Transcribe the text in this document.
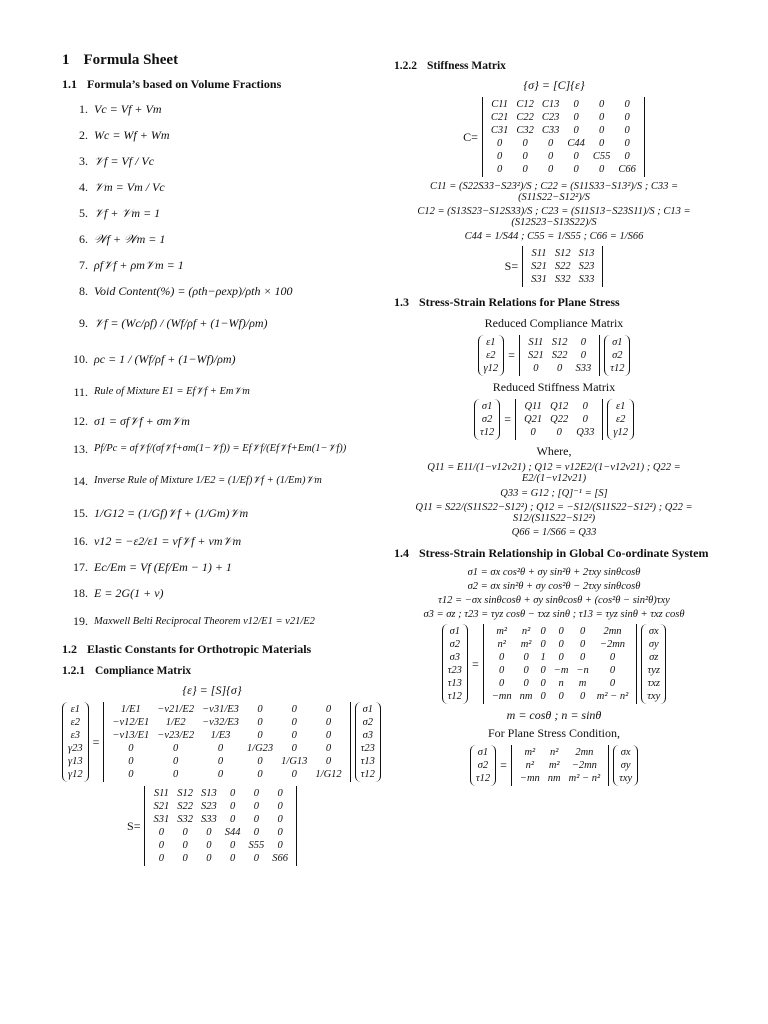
1 Formula Sheet
1.1 Formula’s based on Volume Fractions
1. Vc = Vf + Vm
2. Wc = Wf + Wm
3. 𝒱f = Vf / Vc
4. 𝒱m = Vm / Vc
5. 𝒱f + 𝒱m = 1
6. 𝒲f + 𝒲m = 1
7. ρf𝒱f + ρm𝒱m = 1
8. Void Content(%) = (ρth−ρexp)/ρth × 100
9. 𝒱f = (Wc/ρf) / (Wf/ρf + (1−Wf)/ρm)
10. ρc = 1 / (Wf/ρf + (1−Wf)/ρm)
11. Rule of Mixture E1 = Ef𝒱f + Em𝒱m
12. σ1 = σf𝒱f + σm𝒱m
13. Pf/Pc = σf𝒱f/(σf𝒱f+σm(1−𝒱f)) = Ef𝒱f/(Ef𝒱f+Em(1−𝒱f))
14. Inverse Rule of Mixture 1/E2 = (1/Ef)𝒱f + (1/Em)𝒱m
15. 1/G12 = (1/Gf)𝒱f + (1/Gm)𝒱m
16. ν12 = −ε2/ε1 = νf𝒱f + νm𝒱m
17. Ec/Em = Vf (Ef/Em − 1) + 1
18. E = 2G(1 + ν)
19. Maxwell Belti Reciprocal Theorem ν12/E1 = ν21/E2
1.2 Elastic Constants for Orthotropic Materials
1.2.1 Compliance Matrix
{ε} = [S]{σ}
ε1
ε2
ε3
γ23
γ13
γ12
=
1/E1	−ν21/E2	−ν31/E3	0	0	0
−ν12/E1	1/E2	−ν32/E3	0	0	0
−ν13/E1	−ν23/E2	1/E3	0	0	0
0	0	0	1/G23	0	0
0	0	0	0	1/G13	0
0	0	0	0	0	1/G12
σ1
σ2
σ3
τ23
τ13
τ12
S=
S11	S12	S13	0	0	0
S21	S22	S23	0	0	0
S31	S32	S33	0	0	0
0	0	0	S44	0	0
0	0	0	0	S55	0
0	0	0	0	0	S66
1.2.2 Stiffness Matrix
{σ} = [C]{ε}
C=
C11	C12	C13	0	0	0
C21	C22	C23	0	0	0
C31	C32	C33	0	0	0
0	0	0	C44	0	0
0	0	0	0	C55	0
0	0	0	0	0	C66
C11 = (S22S33−S23²)/S ; C22 = (S11S33−S13²)/S ; C33 = (S11S22−S12²)/S
C12 = (S13S23−S12S33)/S ; C23 = (S11S13−S23S11)/S ; C13 = (S12S23−S13S22)/S
C44 = 1/S44 ; C55 = 1/S55 ; C66 = 1/S66
S=
S11	S12	S13
S21	S22	S23
S31	S32	S33
1.3 Stress-Strain Relations for Plane Stress
Reduced Compliance Matrix
ε1
ε2
γ12
=
S11	S12	0
S21	S22	0
0	0	S33
σ1
σ2
τ12
Reduced Stiffness Matrix
σ1
σ2
τ12
=
Q11	Q12	0
Q21	Q22	0
0	0	Q33
ε1
ε2
γ12
Where,
Q11 = E11/(1−ν12ν21) ; Q12 = ν12E2/(1−ν12ν21) ; Q22 = E2/(1−ν12ν21)
Q33 = G12 ; [Q]⁻¹ = [S]
Q11 = S22/(S11S22−S12²) ; Q12 = −S12/(S11S22−S12²) ; Q22 = S12/(S11S22−S12²)
Q66 = 1/S66 = Q33
1.4 Stress-Strain Relationship in Global Co-ordinate System
σ1 = σx cos²θ + σy sin²θ + 2τxy sinθcosθ
σ2 = σx sin²θ + σy cos²θ − 2τxy sinθcosθ
τ12 = −σx sinθcosθ + σy sinθcosθ + (cos²θ − sin²θ)τxy
σ3 = σz ; τ23 = τyz cosθ − τxz sinθ ; τ13 = τyz sinθ + τxz cosθ
σ1
σ2
σ3
τ23
τ13
τ12
=
m²	n²	0	0	0	2mn
n²	m²	0	0	0	−2mn
0	0	1	0	0	0
0	0	0	−m	−n	0
0	0	0	n	m	0
−mn	nm	0	0	0	m² − n²
σx
σy
σz
τyz
τxz
τxy
m = cosθ ; n = sinθ
For Plane Stress Condition,
σ1
σ2
τ12
=
m²	n²	2mn
n²	m²	−2mn
−mn	nm	m² − n²
σx
σy
τxy
